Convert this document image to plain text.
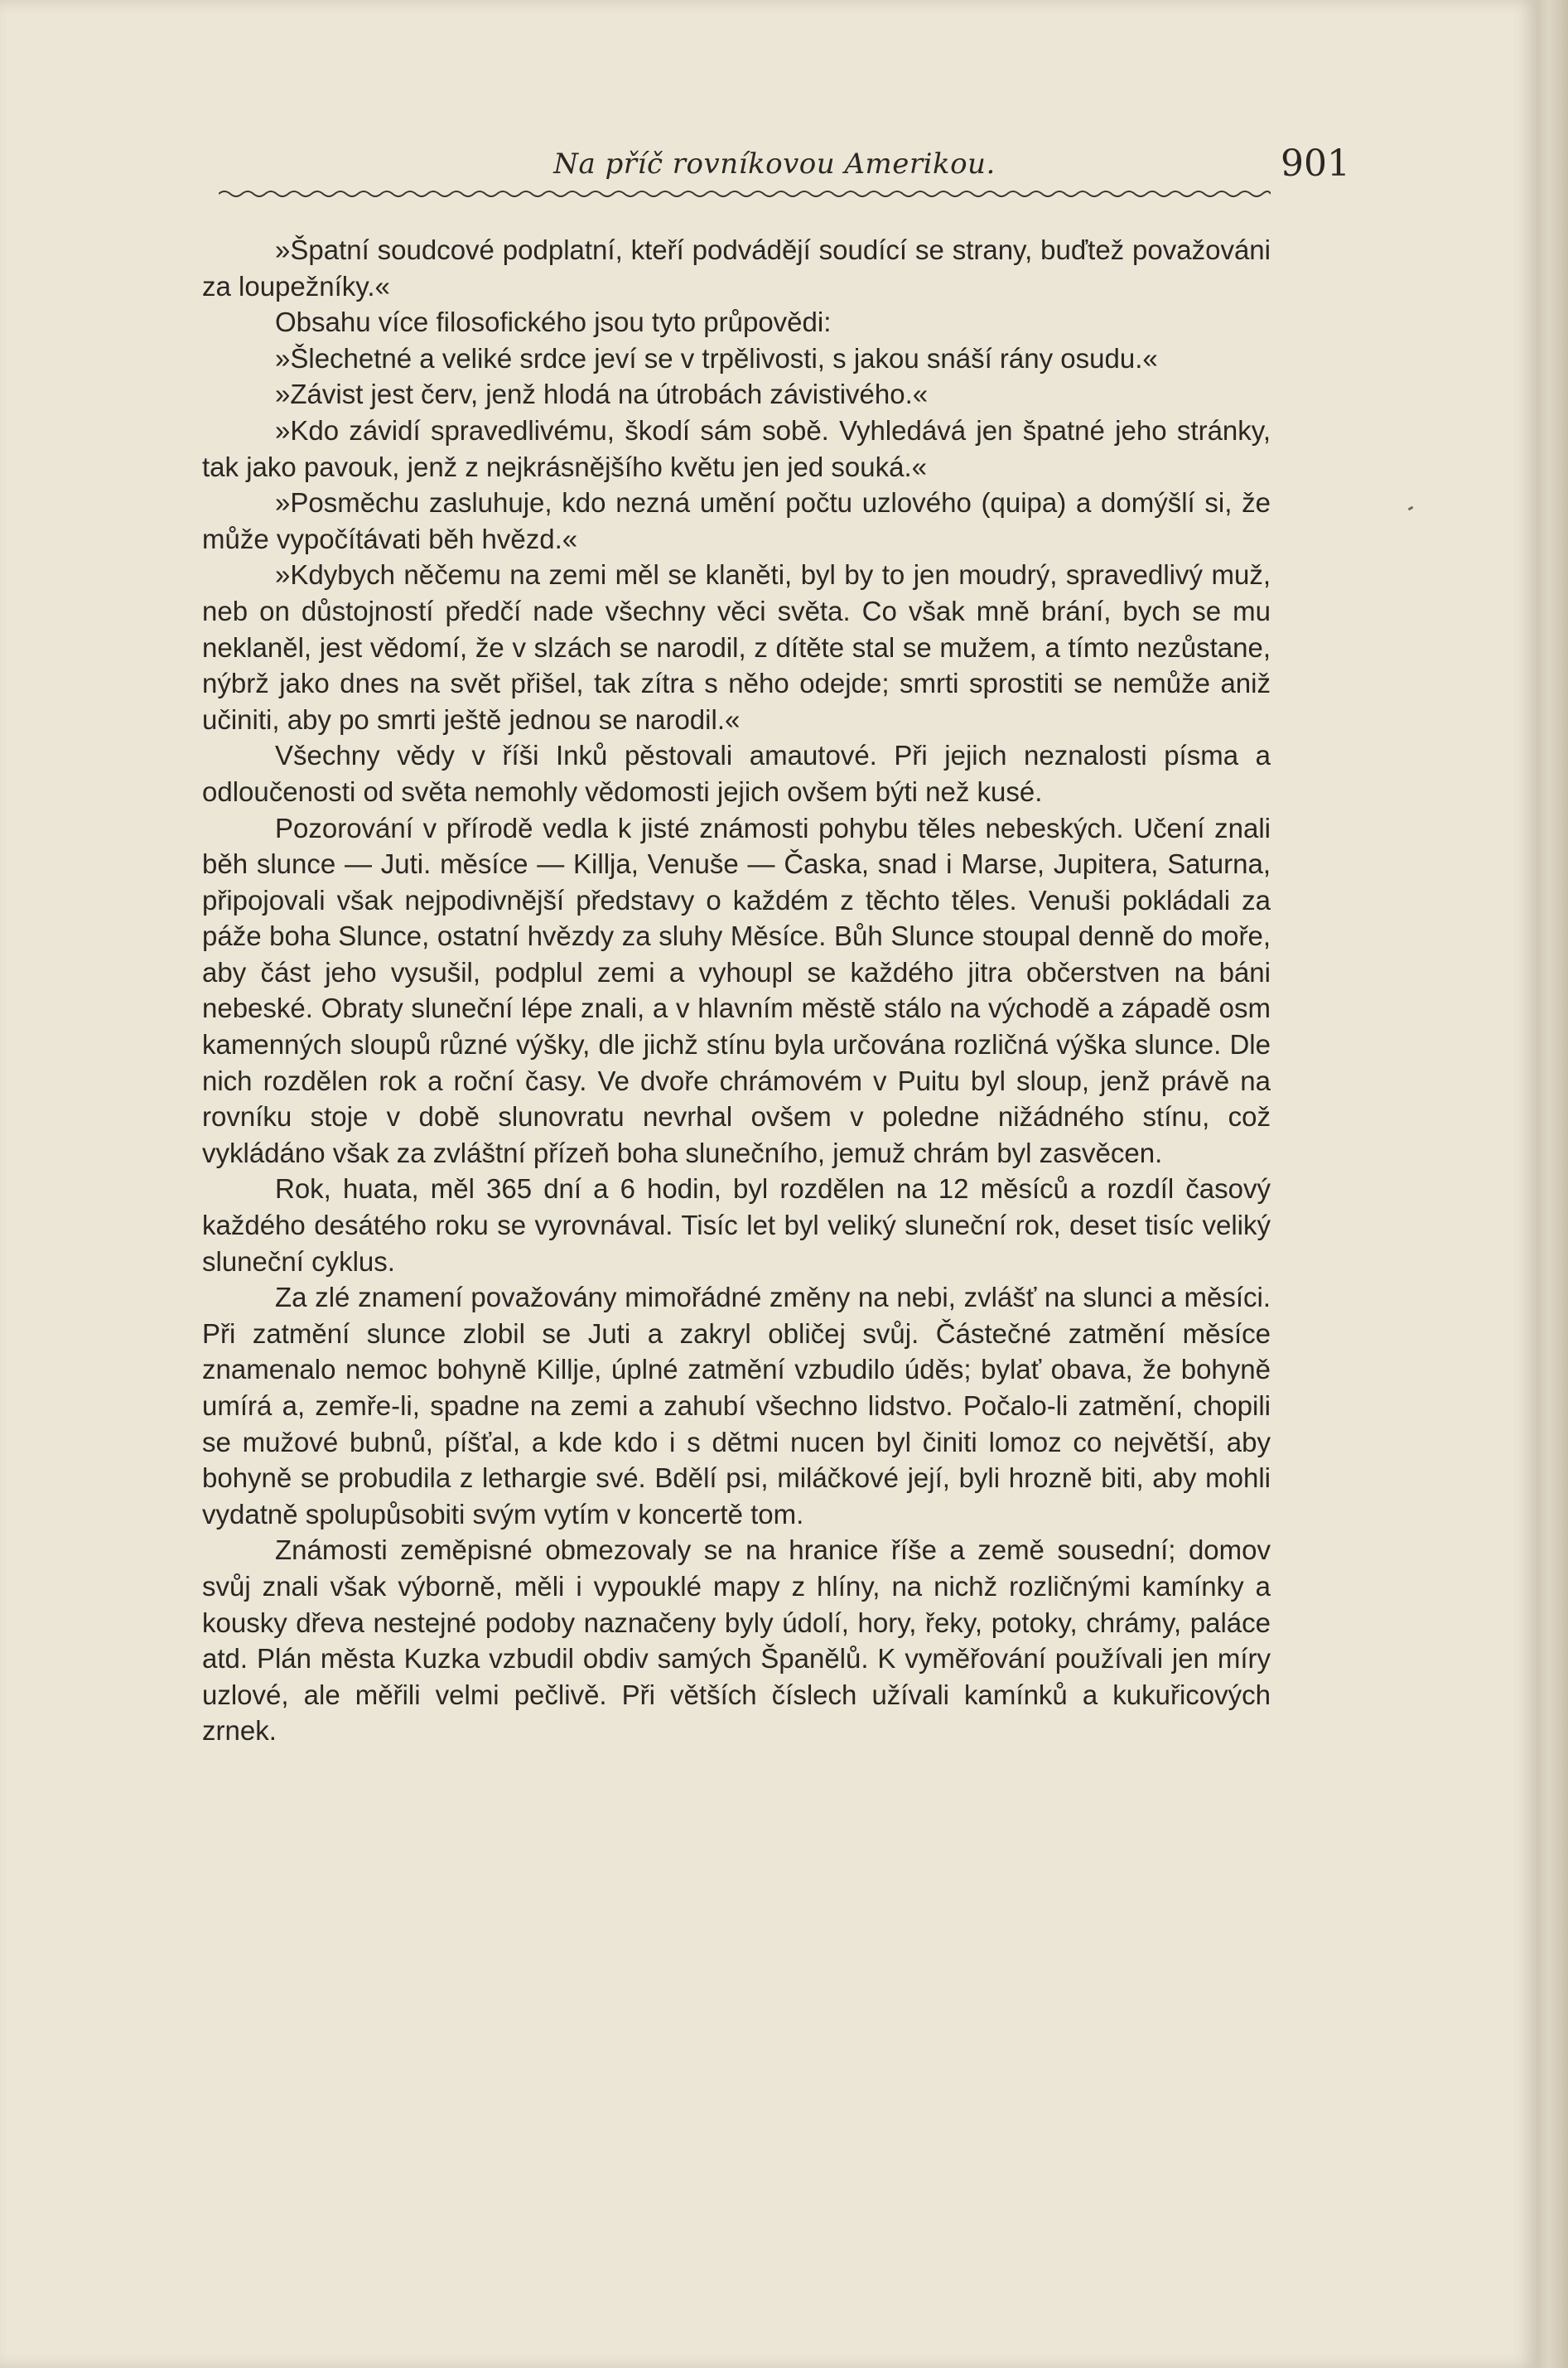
Na příč rovníkovou Amerikou.	901

»Špatní soudcové podplatní, kteří podvádějí soudící se strany, buďtež považováni za loupežníky.«

Obsahu více filosofického jsou tyto průpovědi:

»Šlechetné a veliké srdce jeví se v trpělivosti, s jakou snáší rány osudu.«

»Závist jest červ, jenž hlodá na útrobách závistivého.«

»Kdo závidí spravedlivému, škodí sám sobě. Vyhledává jen špatné jeho stránky, tak jako pavouk, jenž z nejkrásnějšího květu jen jed souká.«

»Posměchu zasluhuje, kdo nezná umění počtu uzlového (quipa) a domýšlí si, že může vypočítávati běh hvězd.«

»Kdybych něčemu na zemi měl se klaněti, byl by to jen moudrý, spravedlivý muž, neb on důstojností předčí nade všechny věci světa. Co však mně brání, bych se mu neklaněl, jest vědomí, že v slzách se narodil, z dítěte stal se mužem, a tímto nezůstane, nýbrž jako dnes na svět přišel, tak zítra s něho odejde; smrti sprostiti se nemůže aniž učiniti, aby po smrti ještě jednou se narodil.«

Všechny vědy v říši Inků pěstovali amautové. Při jejich neznalosti písma a odloučenosti od světa nemohly vědomosti jejich ovšem býti než kusé.

Pozorování v přírodě vedla k jisté známosti pohybu těles nebeských. Učení znali běh slunce — Juti. měsíce — Killja, Venuše — Časka, snad i Marse, Jupitera, Saturna, připojovali však nejpodivnější představy o každém z těchto těles. Venuši pokládali za páže boha Slunce, ostatní hvězdy za sluhy Měsíce. Bůh Slunce stoupal denně do moře, aby část jeho vysušil, podplul zemi a vyhoupl se každého jitra občerstven na báni nebeské. Obraty sluneční lépe znali, a v hlavním městě stálo na východě a západě osm kamenných sloupů různé výšky, dle jichž stínu byla určována rozličná výška slunce. Dle nich rozdělen rok a roční časy. Ve dvoře chrámovém v Puitu byl sloup, jenž právě na rovníku stoje v době slunovratu nevrhal ovšem v poledne nižádného stínu, což vykládáno však za zvláštní přízeň boha slunečního, jemuž chrám byl zasvěcen.

Rok, huata, měl 365 dní a 6 hodin, byl rozdělen na 12 měsíců a rozdíl časový každého desátého roku se vyrovnával. Tisíc let byl veliký sluneční rok, deset tisíc veliký sluneční cyklus.

Za zlé znamení považovány mimořádné změny na nebi, zvlášť na slunci a měsíci. Při zatmění slunce zlobil se Juti a zakryl obličej svůj. Částečné zatmění měsíce znamenalo nemoc bohyně Killje, úplné zatmění vzbudilo úděs; bylať obava, že bohyně umírá a, zemře-li, spadne na zemi a zahubí všechno lidstvo. Počalo-li zatmění, chopili se mužové bubnů, píšťal, a kde kdo i s dětmi nucen byl činiti lomoz co největší, aby bohyně se probudila z lethargie své. Bdělí psi, miláčkové její, byli hrozně biti, aby mohli vydatně spolupůsobiti svým vytím v koncertě tom.

Známosti zeměpisné obmezovaly se na hranice říše a země sousední; domov svůj znali však výborně, měli i vypouklé mapy z hlíny, na nichž rozličnými kamínky a kousky dřeva nestejné podoby naznačeny byly údolí, hory, řeky, potoky, chrámy, paláce atd. Plán města Kuzka vzbudil obdiv samých Španělů. K vyměřování používali jen míry uzlové, ale měřili velmi pečlivě. Při větších číslech užívali kamínků a kukuřicových zrnek.
